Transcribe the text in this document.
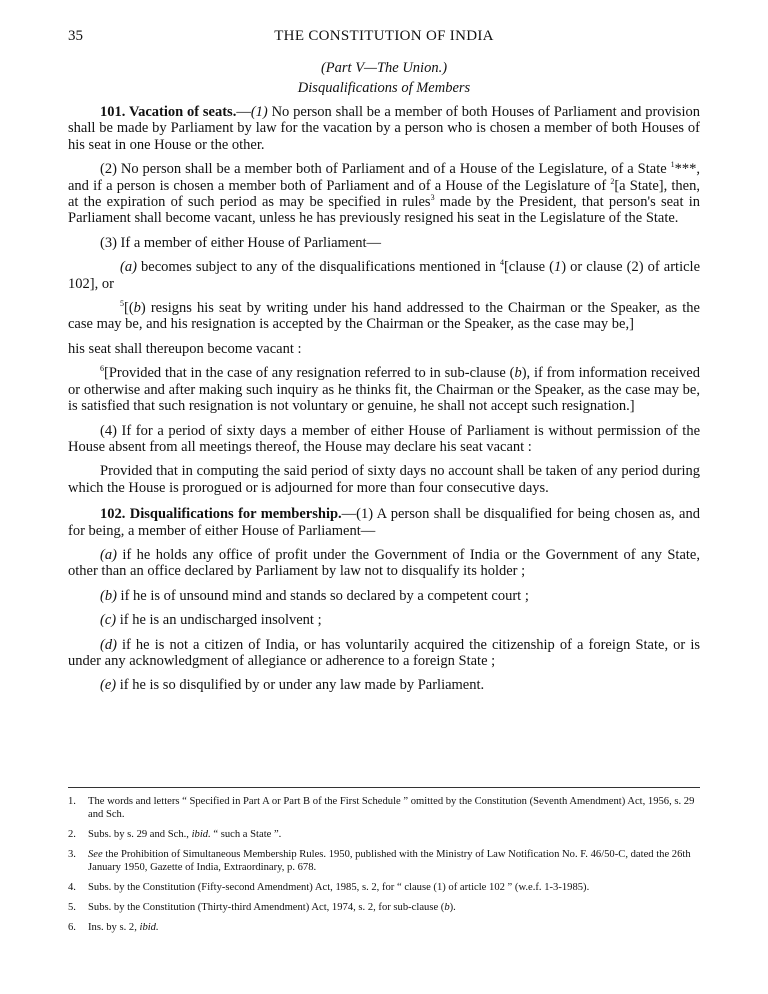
35	THE CONSTITUTION OF INDIA
(Part V—The Union.)
Disqualifications of Members

101. Vacation of seats.—(1) No person shall be a member of both Houses of Parliament and provision shall be made by Parliament by law for the vacation by a person who is chosen a member of both Houses of his seat in one House or the other.

(2) No person shall be a member both of Parliament and of a House of the Legislature, of a State $^1$***, and if a person is chosen a member both of Parliament and of a House of the Legislature of $^2$[a State], then, at the expiration of such period as may be specified in rules$^3$ made by the President, that person's seat in Parliament shall become vacant, unless he has previously resigned his seat in the Legislature of the State.

(3) If a member of either House of Parliament—

(a) becomes subject to any of the disqualifications mentioned in $^4$[clause (1) or clause (2) of article 102], or

$^5$[(b) resigns his seat by writing under his hand addressed to the Chairman or the Speaker, as the case may be, and his resignation is accepted by the Chairman or the Speaker, as the case may be,]

his seat shall thereupon become vacant :

$^6$[Provided that in the case of any resignation referred to in sub-clause (b), if from information received or otherwise and after making such inquiry as he thinks fit, the Chairman or the Speaker, as the case may be, is satisfied that such resignation is not voluntary or genuine, he shall not accept such resignation.]

(4) If for a period of sixty days a member of either House of Parliament is without permission of the House absent from all meetings thereof, the House may declare his seat vacant :

Provided that in computing the said period of sixty days no account shall be taken of any period during which the House is prorogued or is adjourned for more than four consecutive days.

102. Disqualifications for membership.—(1) A person shall be disqualified for being chosen as, and for being, a member of either House of Parliament—

(a) if he holds any office of profit under the Government of India or the Government of any State, other than an office declared by Parliament by law not to disqualify its holder ;

(b) if he is of unsound mind and stands so declared by a competent court ;

(c) if he is an undischarged insolvent ;

(d) if he is not a citizen of India, or has voluntarily acquired the citizenship of a foreign State, or is under any acknowledgment of allegiance or adherence to a foreign State ;

(e) if he is so disqulified by or under any law made by Parliament.

1.	The words and letters “ Specified in Part A or Part B of the First Schedule ” omitted by the Constitution (Seventh Amendment) Act, 1956, s. 29 and Sch.
2.	Subs. by s. 29 and Sch., ibid. “ such a State ”.
3.	See the Prohibition of Simultaneous Membership Rules. 1950, published with the Ministry of Law Notification No. F. 46/50-C, dated the 26th January 1950, Gazette of India, Extraordinary, p. 678.
4.	Subs. by the Constitution (Fifty-second Amendment) Act, 1985, s. 2, for “ clause (1) of article 102 ” (w.e.f. 1-3-1985).
5.	Subs. by the Constitution (Thirty-third Amendment) Act, 1974, s. 2, for sub-clause (b).
6.	Ins. by s. 2, ibid.
